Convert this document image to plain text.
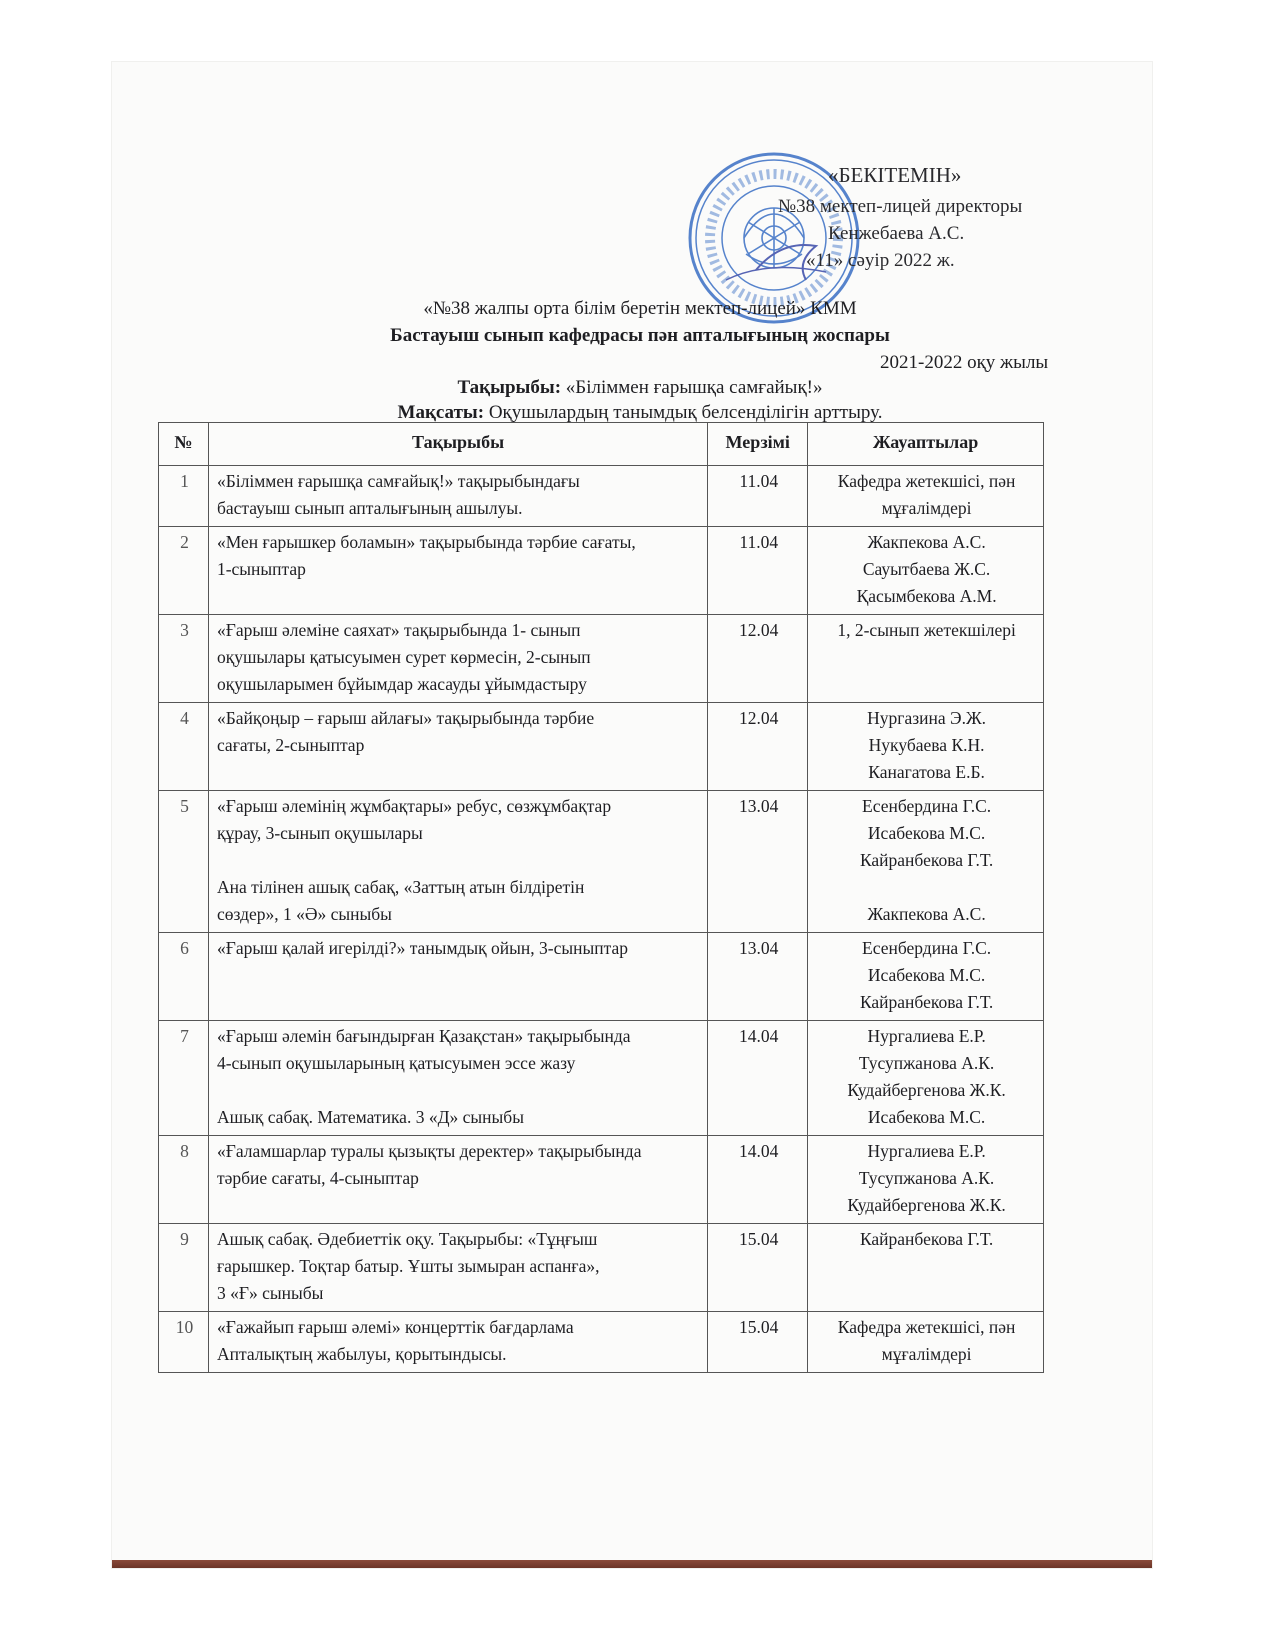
«БЕКІТЕМІН»
№38 мектеп-лицей директоры
Кенжебаева А.С.
«11» сәуір 2022 ж.
«№38 жалпы орта білім беретін мектеп-лицей» КММ
Бастауыш сынып кафедрасы пән апталығының жоспары
2021-2022 оқу жылы
Тақырыбы: «Біліммен ғарышқа самғайық!»
Мақсаты: Оқушылардың танымдық белсенділігін арттыру.
№	Тақырыбы	Мерзімі	Жауаптылар
1	«Біліммен ғарышқа самғайық!» тақырыбындағы
бастауыш сынып апталығының ашылуы.	11.04	Кафедра жетекшісі, пән
мұғалімдері

2	«Мен ғарышкер боламын» тақырыбында тәрбие сағаты,
1-сыныптар	11.04	Жакпекова А.С.
Сауытбаева Ж.С.
Қасымбекова А.М.

3	«Ғарыш әлеміне саяхат» тақырыбында 1- сынып
оқушылары қатысуымен сурет көрмесін, 2-сынып
оқушыларымен бұйымдар жасауды ұйымдастыру	12.04	1, 2-сынып жетекшілері

4	«Байқоңыр – ғарыш айлағы» тақырыбында тәрбие
сағаты, 2-сыныптар	12.04	Нургазина Э.Ж.
Нукубаева К.Н.
Канагатова Е.Б.

5	«Ғарыш әлемінің жұмбақтары» ребус, сөзжұмбақтар
құрау, 3-сынып оқушылары
Ана тілінен ашық сабақ, «Заттың атын білдіретін
сөздер», 1 «Ә» сыныбы	13.04	Есенбердина Г.С.
Исабекова М.С.
Кайранбекова Г.Т.
Жакпекова А.С.

6	«Ғарыш қалай игерілді?» танымдық ойын, 3-сыныптар	13.04	Есенбердина Г.С.
Исабекова М.С.
Кайранбекова Г.Т.

7	«Ғарыш әлемін бағындырған Қазақстан» тақырыбында
4-сынып оқушыларының қатысуымен эссе жазу
Ашық сабақ. Математика. 3 «Д» сыныбы	14.04	Нургалиева Е.Р.
Тусупжанова А.К.
Кудайбергенова Ж.К.
Исабекова М.С.

8	«Ғаламшарлар туралы қызықты деректер» тақырыбында
тәрбие сағаты, 4-сыныптар	14.04	Нургалиева Е.Р.
Тусупжанова А.К.
Кудайбергенова Ж.К.

9	Ашық сабақ. Әдебиеттік оқу. Тақырыбы: «Тұңғыш
ғарышкер. Тоқтар батыр. Ұшты зымыран аспанға»,
3 «Ғ» сыныбы	15.04	Кайранбекова Г.Т.

10	«Ғажайып ғарыш әлемі» концерттік бағдарлама
Апталықтың жабылуы, қорытындысы.	15.04	Кафедра жетекшісі, пән
мұғалімдері
